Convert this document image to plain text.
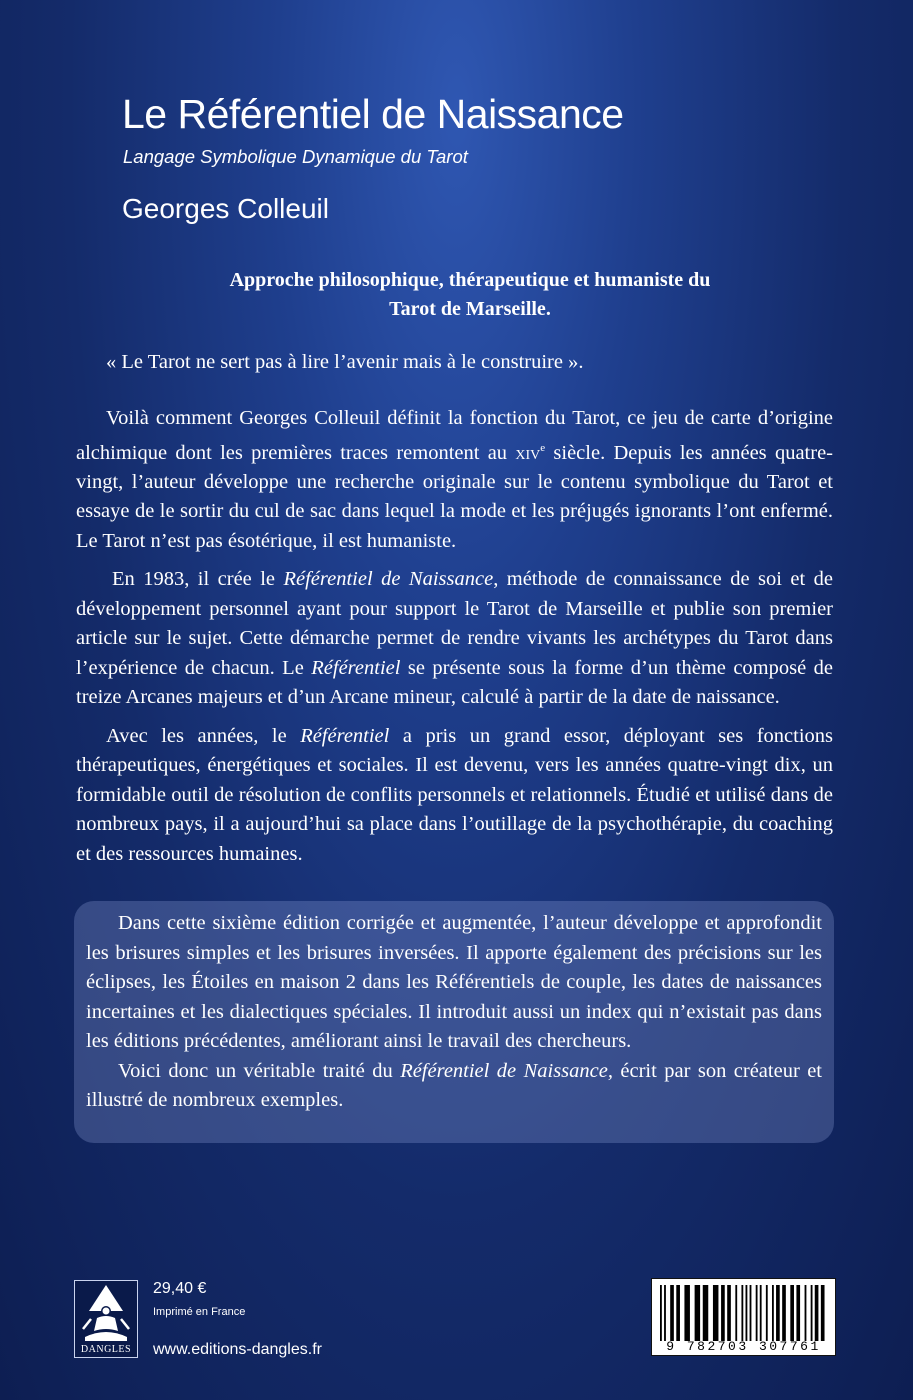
Le Référentiel de Naissance
Langage Symbolique Dynamique du Tarot
Georges Colleuil
Approche philosophique, thérapeutique et humaniste du
Tarot de Marseille.
« Le Tarot ne sert pas à lire l’avenir mais à le construire ».

Voilà comment Georges Colleuil définit la fonction du Tarot, ce jeu de carte d’origine alchimique dont les premières traces remontent au xiv$^e$ siècle. Depuis les années quatre-vingt, l’auteur développe une recherche originale sur le contenu symbolique du Tarot et essaye de le sortir du cul de sac dans lequel la mode et les préjugés ignorants l’ont enfermé. Le Tarot n’est pas ésotérique, il est humaniste.

En 1983, il crée le Référentiel de Naissance, méthode de connaissance de soi et de développement personnel ayant pour support le Tarot de Marseille et publie son premier article sur le sujet. Cette démarche permet de rendre vivants les archétypes du Tarot dans l’expérience de chacun. Le Référentiel se présente sous la forme d’un thème composé de treize Arcanes majeurs et d’un Arcane mineur, calculé à partir de la date de naissance.

Avec les années, le Référentiel a pris un grand essor, déployant ses fonctions thérapeutiques, énergétiques et sociales. Il est devenu, vers les années quatre-vingt dix, un formidable outil de résolution de conflits personnels et relationnels. Étudié et utilisé dans de nombreux pays, il a aujourd’hui sa place dans l’outillage de la psychothérapie, du coaching et des ressources humaines.

Dans cette sixième édition corrigée et augmentée, l’auteur développe et approfondit les brisures simples et les brisures inversées. Il apporte également des précisions sur les éclipses, les Étoiles en maison 2 dans les Référentiels de couple, les dates de naissances incertaines et les dialectiques spéciales. Il introduit aussi un index qui n’existait pas dans les éditions précédentes, améliorant ainsi le travail des chercheurs.

Voici donc un véritable traité du Référentiel de Naissance, écrit par son créateur et illustré de nombreux exemples.

DANGLES
29,40 €
Imprimé en France
www.editions-dangles.fr	9 782703 307761
